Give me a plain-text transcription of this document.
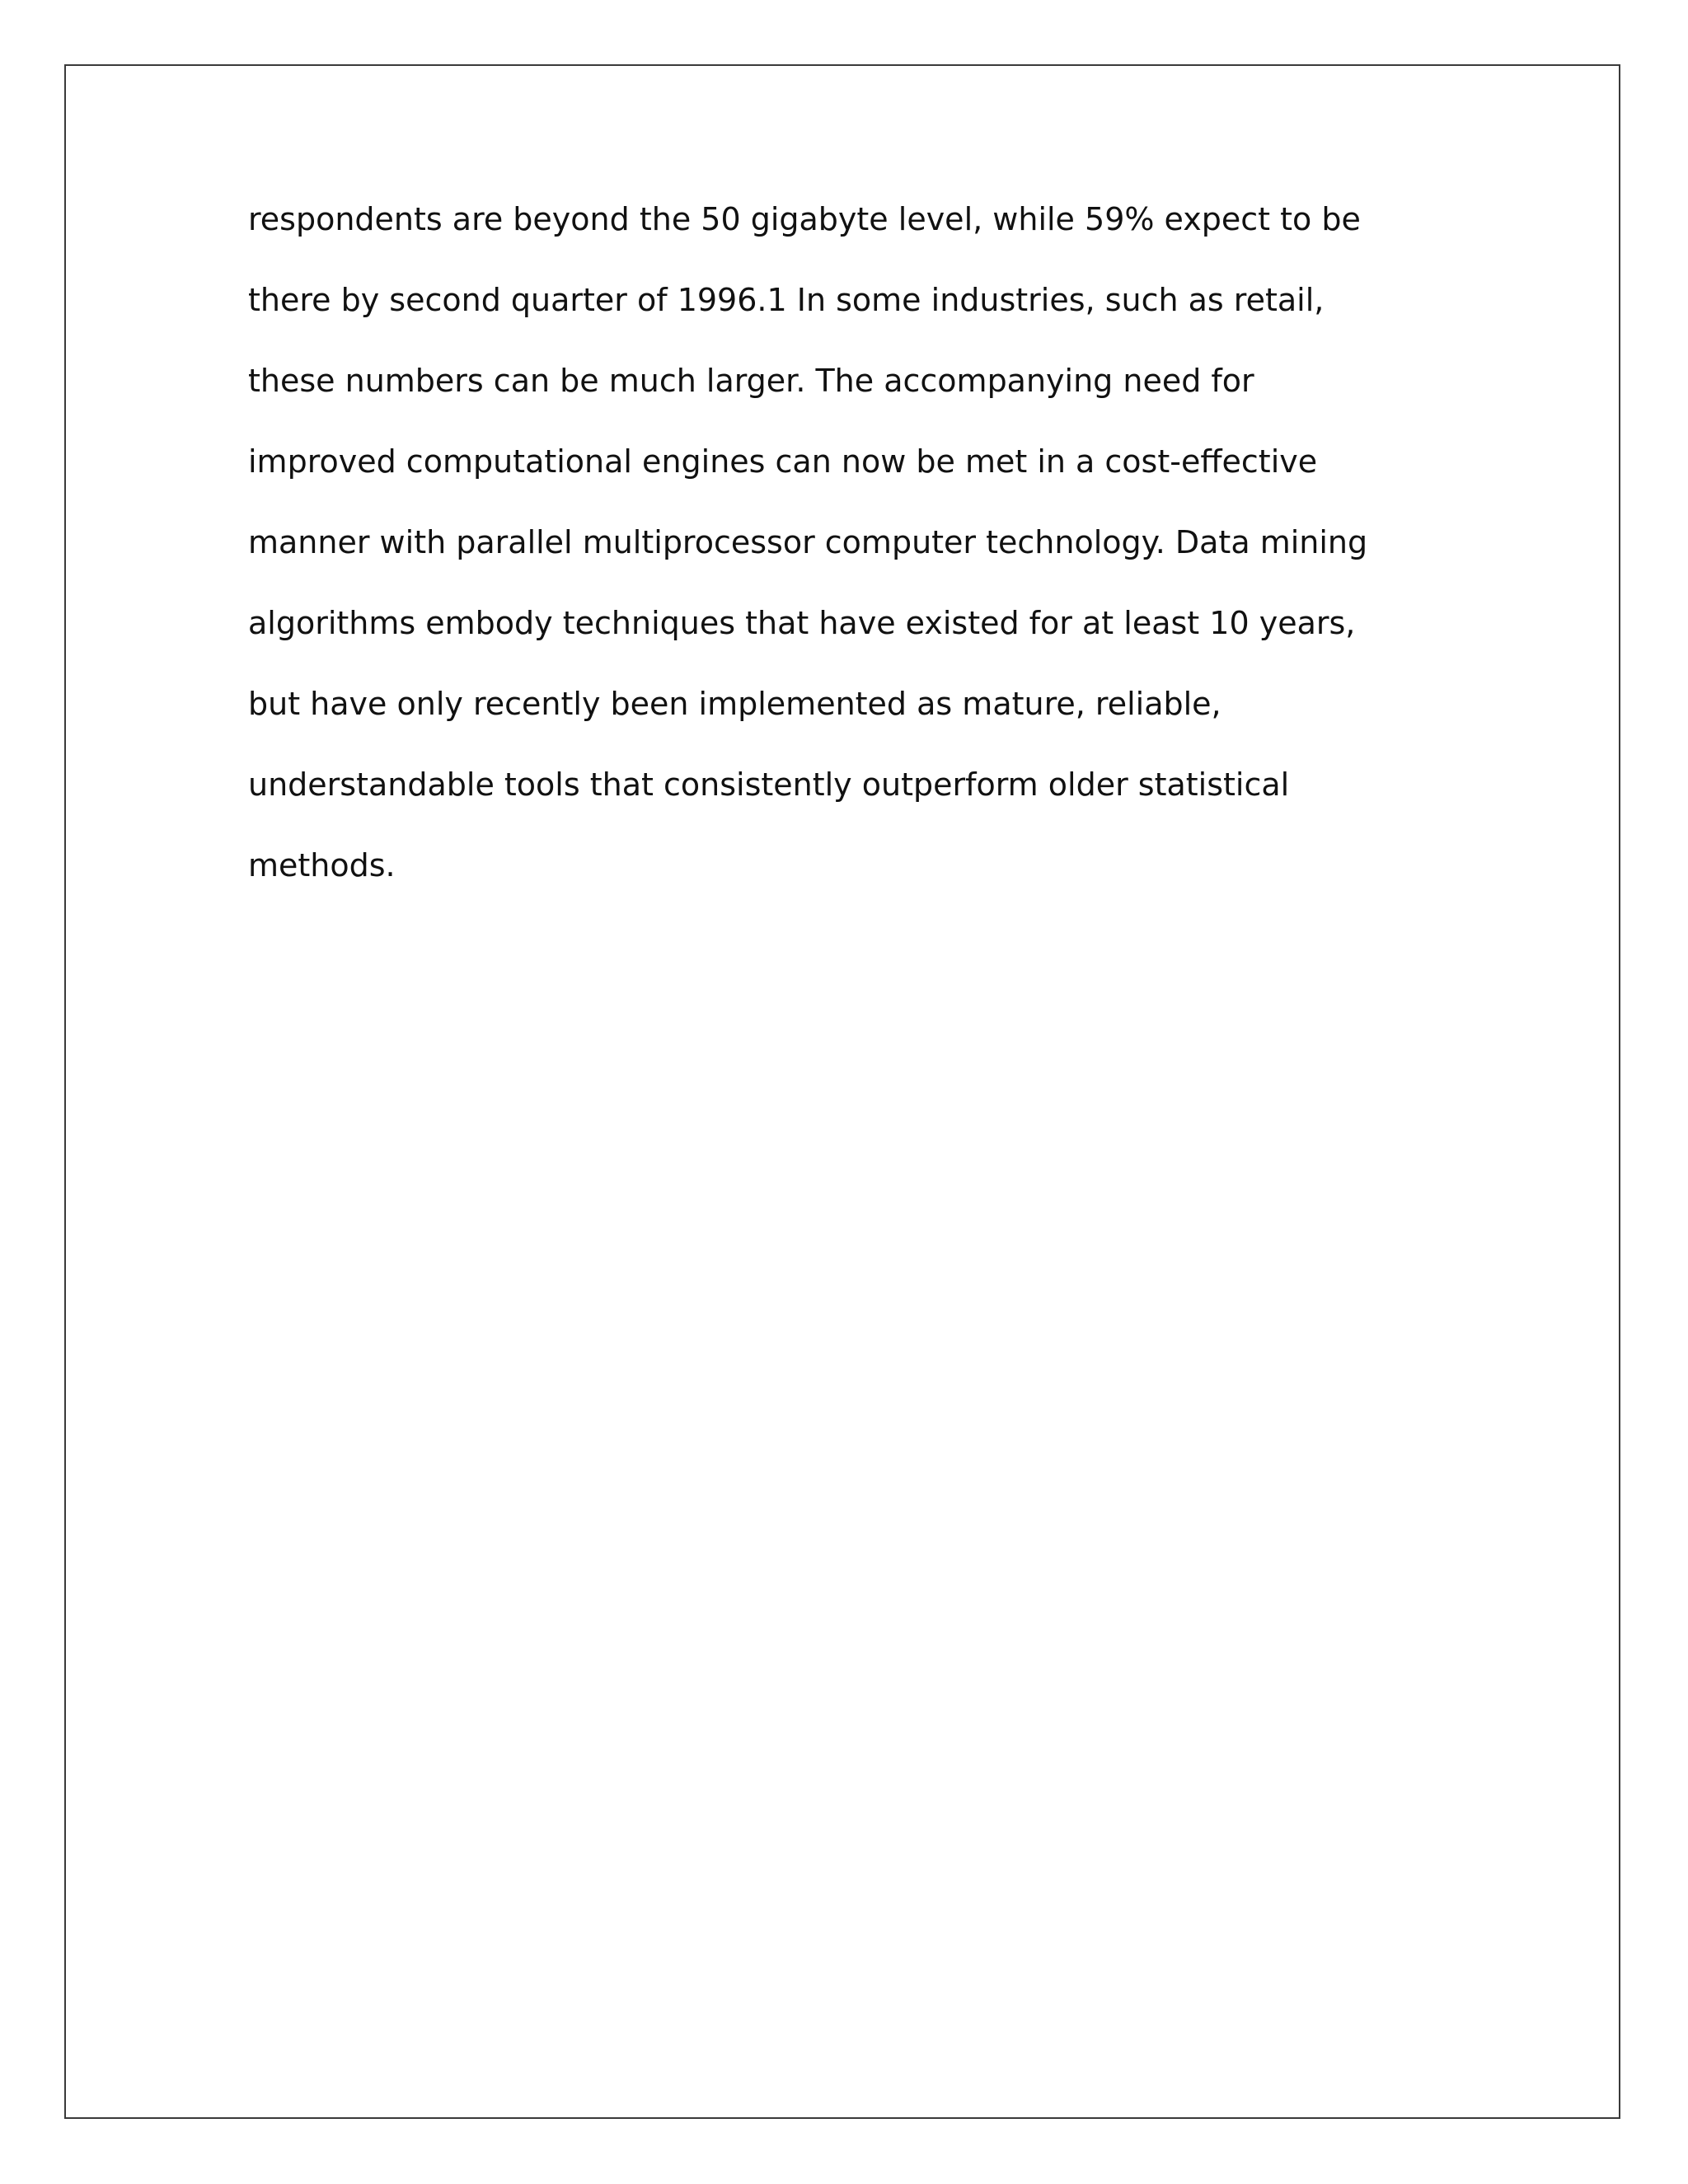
respondents are beyond the 50 gigabyte level, while 59% expect to be
there by second quarter of 1996.1 In some industries, such as retail,
these numbers can be much larger. The accompanying need for
improved computational engines can now be met in a cost-effective
manner with parallel multiprocessor computer technology. Data mining
algorithms embody techniques that have existed for at least 10 years,
but have only recently been implemented as mature, reliable,
understandable tools that consistently outperform older statistical
methods.
